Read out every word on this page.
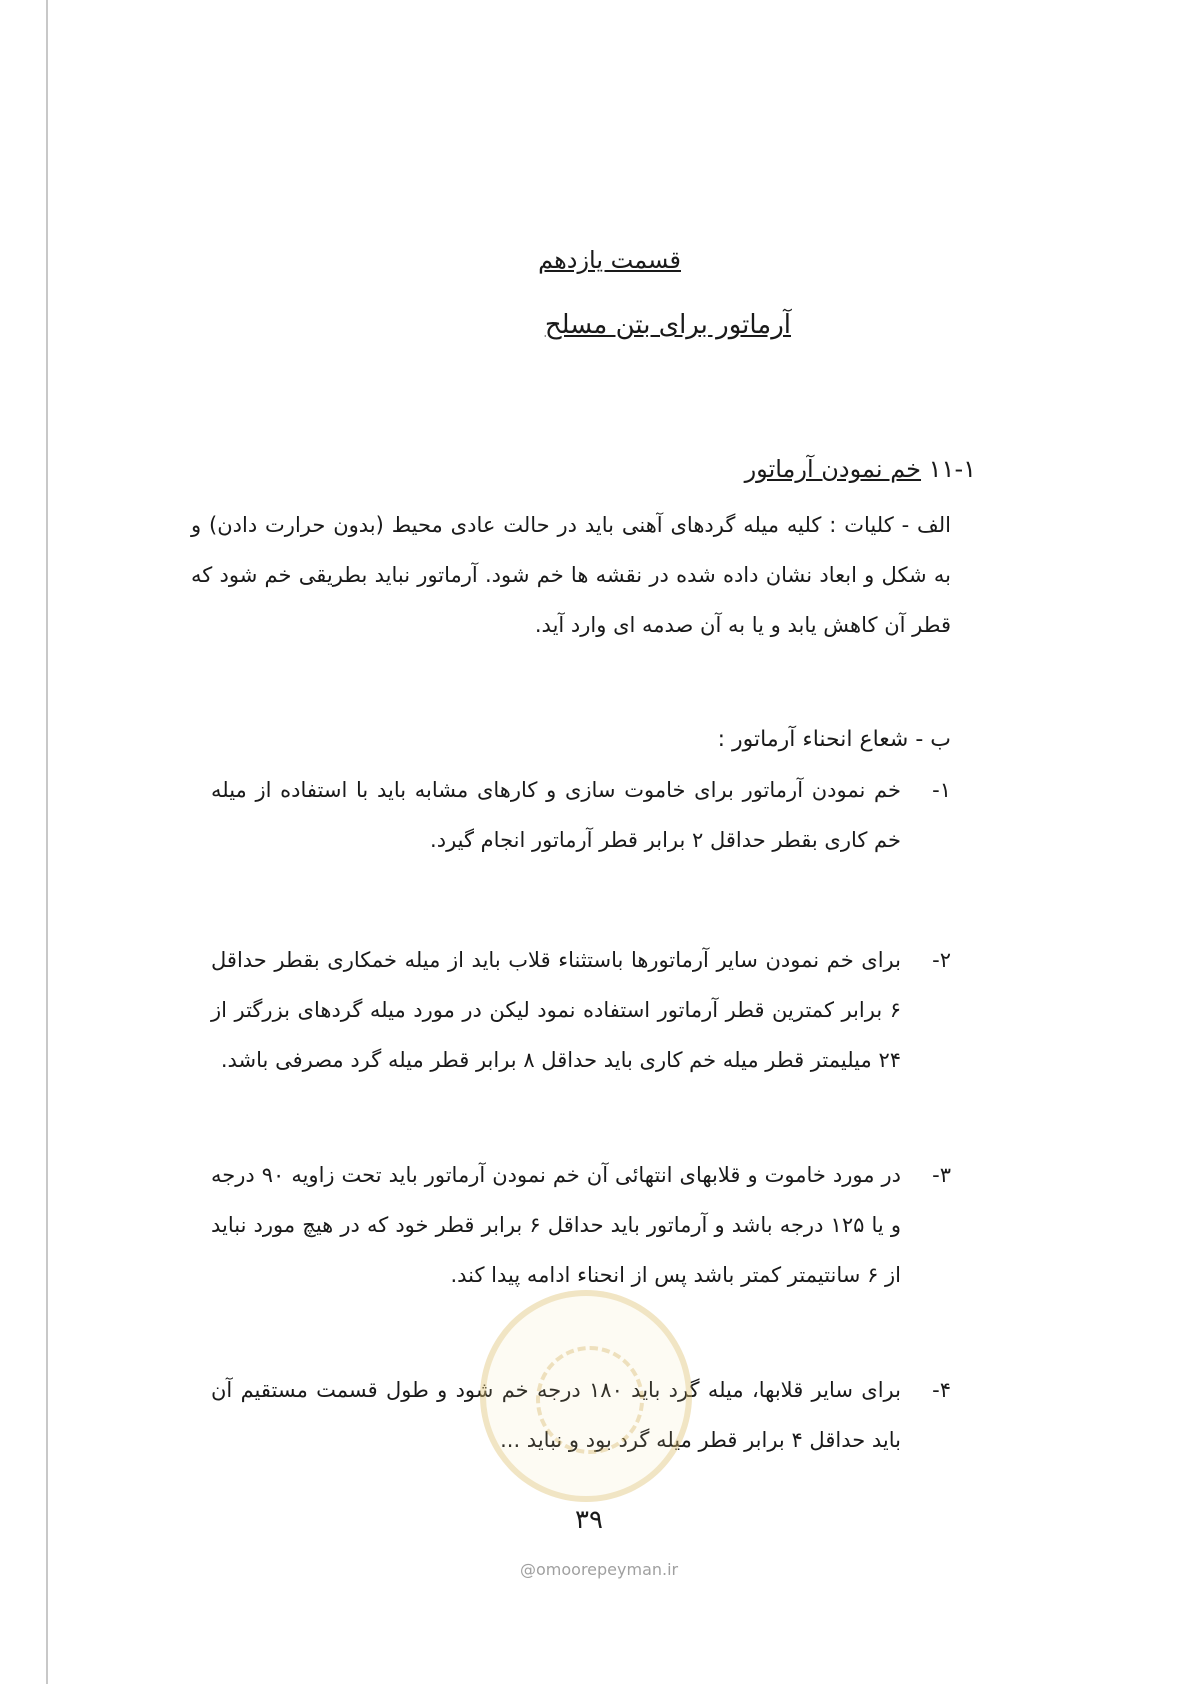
قسمت یازدهم
آرماتور برای بتن مسلح
۱۱-۱ خم نمودن آرماتور
الف - کلیات : کلیه میله گردهای آهنی باید در حالت عادی محیط (بدون حرارت دادن) و به شکل و ابعاد نشان داده شده در نقشه ها خم شود. آرماتور نباید بطریقی خم شود که قطر آن کاهش یابد و یا به آن صدمه ای وارد آید.
ب - شعاع انحناء آرماتور :
۱-
خم نمودن آرماتور برای خاموت سازی و کارهای مشابه باید با استفاده از میله خم کاری بقطر حداقل ۲ برابر قطر آرماتور انجام گیرد.
۲-
برای خم نمودن سایر آرماتورها باستثناء قلاب باید از میله خمکاری بقطر حداقل ۶ برابر کمترین قطر آرماتور استفاده نمود لیکن در مورد میله گردهای بزرگتر از ۲۴ میلیمتر قطر میله خم کاری باید حداقل ۸ برابر قطر میله گرد مصرفی باشد.
۳-
در مورد خاموت و قلابهای انتهائی آن خم نمودن آرماتور باید تحت زاویه ۹۰ درجه و یا ۱۲۵ درجه باشد و آرماتور باید حداقل ۶ برابر قطر خود که در هیچ مورد نباید از ۶ سانتیمتر کمتر باشد پس از انحناء ادامه پیدا کند.
۴-
برای سایر قلابها، میله گرد باید ۱۸۰ درجه خم شود و طول قسمت مستقیم آن باید حداقل ۴ برابر قطر میله گرد بود و نباید ...
۳۹
@omoorepeyman.ir
